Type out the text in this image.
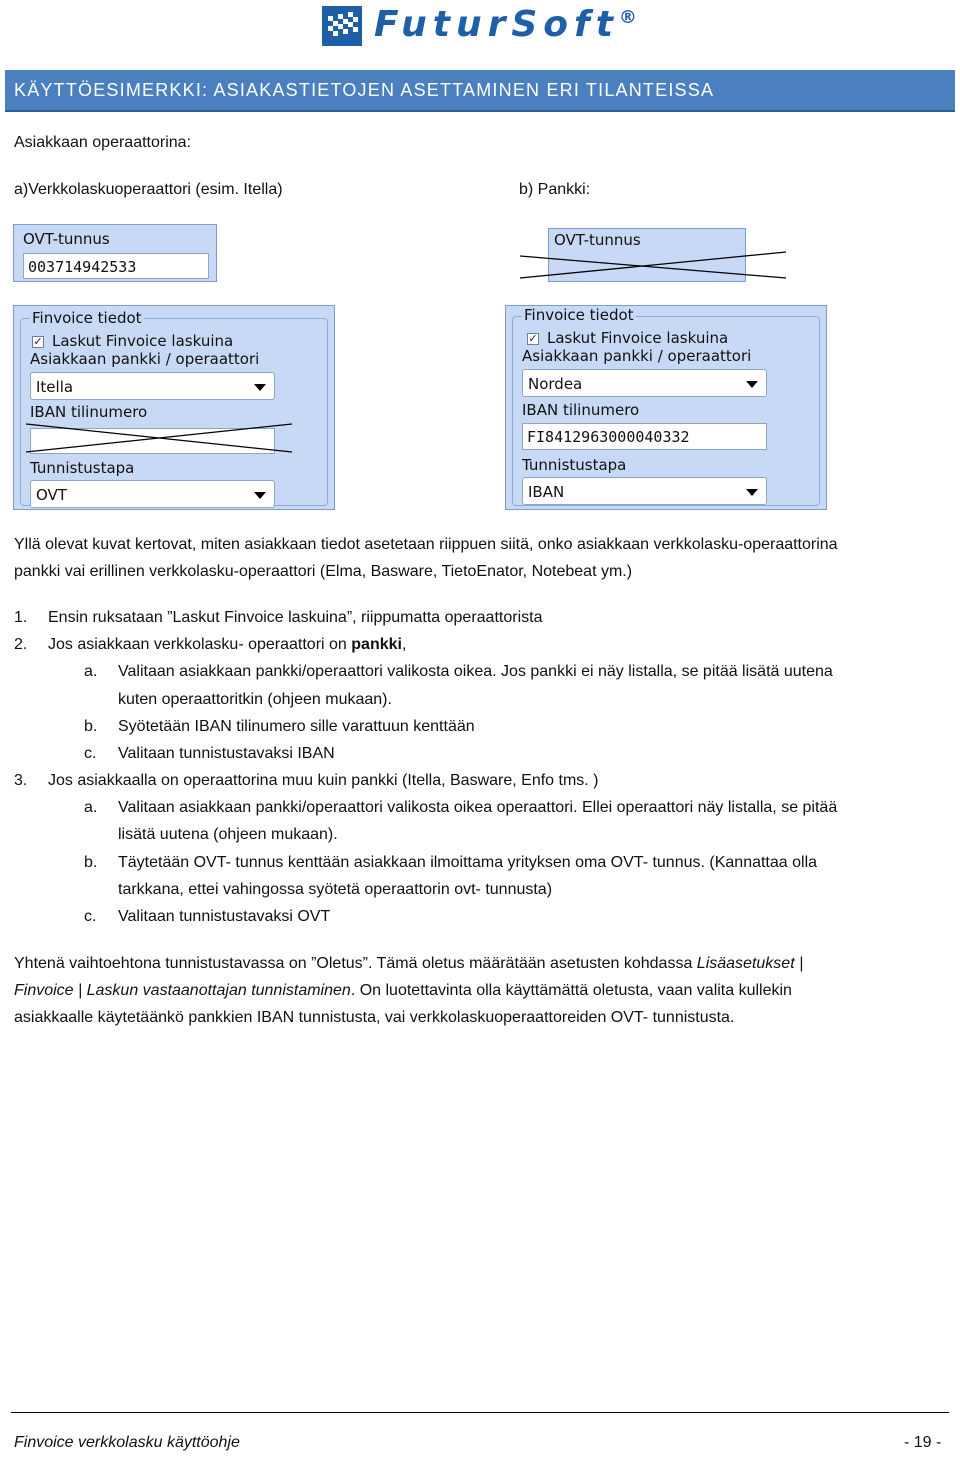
FuturSoft®
KÄYTTÖESIMERKKI: ASIAKASTIETOJEN ASETTAMINEN ERI TILANTEISSA
Asiakkaan operaattorina:
a)Verkkolaskuoperaattori (esim. Itella)	b) Pankki:
OVT-tunnus
003714942533
Finvoice tiedot
✓ Laskut Finvoice laskuina
Asiakkaan pankki / operaattori
Itella
IBAN tilinumero
Tunnistustapa
OVT
OVT-tunnus
Finvoice tiedot
✓ Laskut Finvoice laskuina
Asiakkaan pankki / operaattori
Nordea
IBAN tilinumero
FI8412963000040332
Tunnistustapa
IBAN
Yllä olevat kuvat kertovat, miten asiakkaan tiedot asetetaan riippuen siitä, onko asiakkaan verkkolasku-operaattorina
pankki vai erillinen verkkolasku-operaattori (Elma, Basware, TietoEnator, Notebeat ym.)
1. Ensin ruksataan ”Laskut Finvoice laskuina”, riippumatta operaattorista
2. Jos asiakkaan verkkolasku- operaattori on pankki,
a. Valitaan asiakkaan pankki/operaattori valikosta oikea. Jos pankki ei näy listalla, se pitää lisätä uutena
kuten operaattoritkin (ohjeen mukaan).
b. Syötetään IBAN tilinumero sille varattuun kenttään
c. Valitaan tunnistustavaksi IBAN
3. Jos asiakkaalla on operaattorina muu kuin pankki (Itella, Basware, Enfo tms. )
a. Valitaan asiakkaan pankki/operaattori valikosta oikea operaattori. Ellei operaattori näy listalla, se pitää
lisätä uutena (ohjeen mukaan).
b. Täytetään OVT- tunnus kenttään asiakkaan ilmoittama yrityksen oma OVT- tunnus. (Kannattaa olla
tarkkana, ettei vahingossa syötetä operaattorin ovt- tunnusta)
c. Valitaan tunnistustavaksi OVT
Yhtenä vaihtoehtona tunnistustavassa on ”Oletus”. Tämä oletus määrätään asetusten kohdassa Lisäasetukset |
Finvoice | Laskun vastaanottajan tunnistaminen. On luotettavinta olla käyttämättä oletusta, vaan valita kullekin
asiakkaalle käytetäänkö pankkien IBAN tunnistusta, vai verkkolaskuoperaattoreiden OVT- tunnistusta.
Finvoice verkkolasku käyttöohje	- 19 -
